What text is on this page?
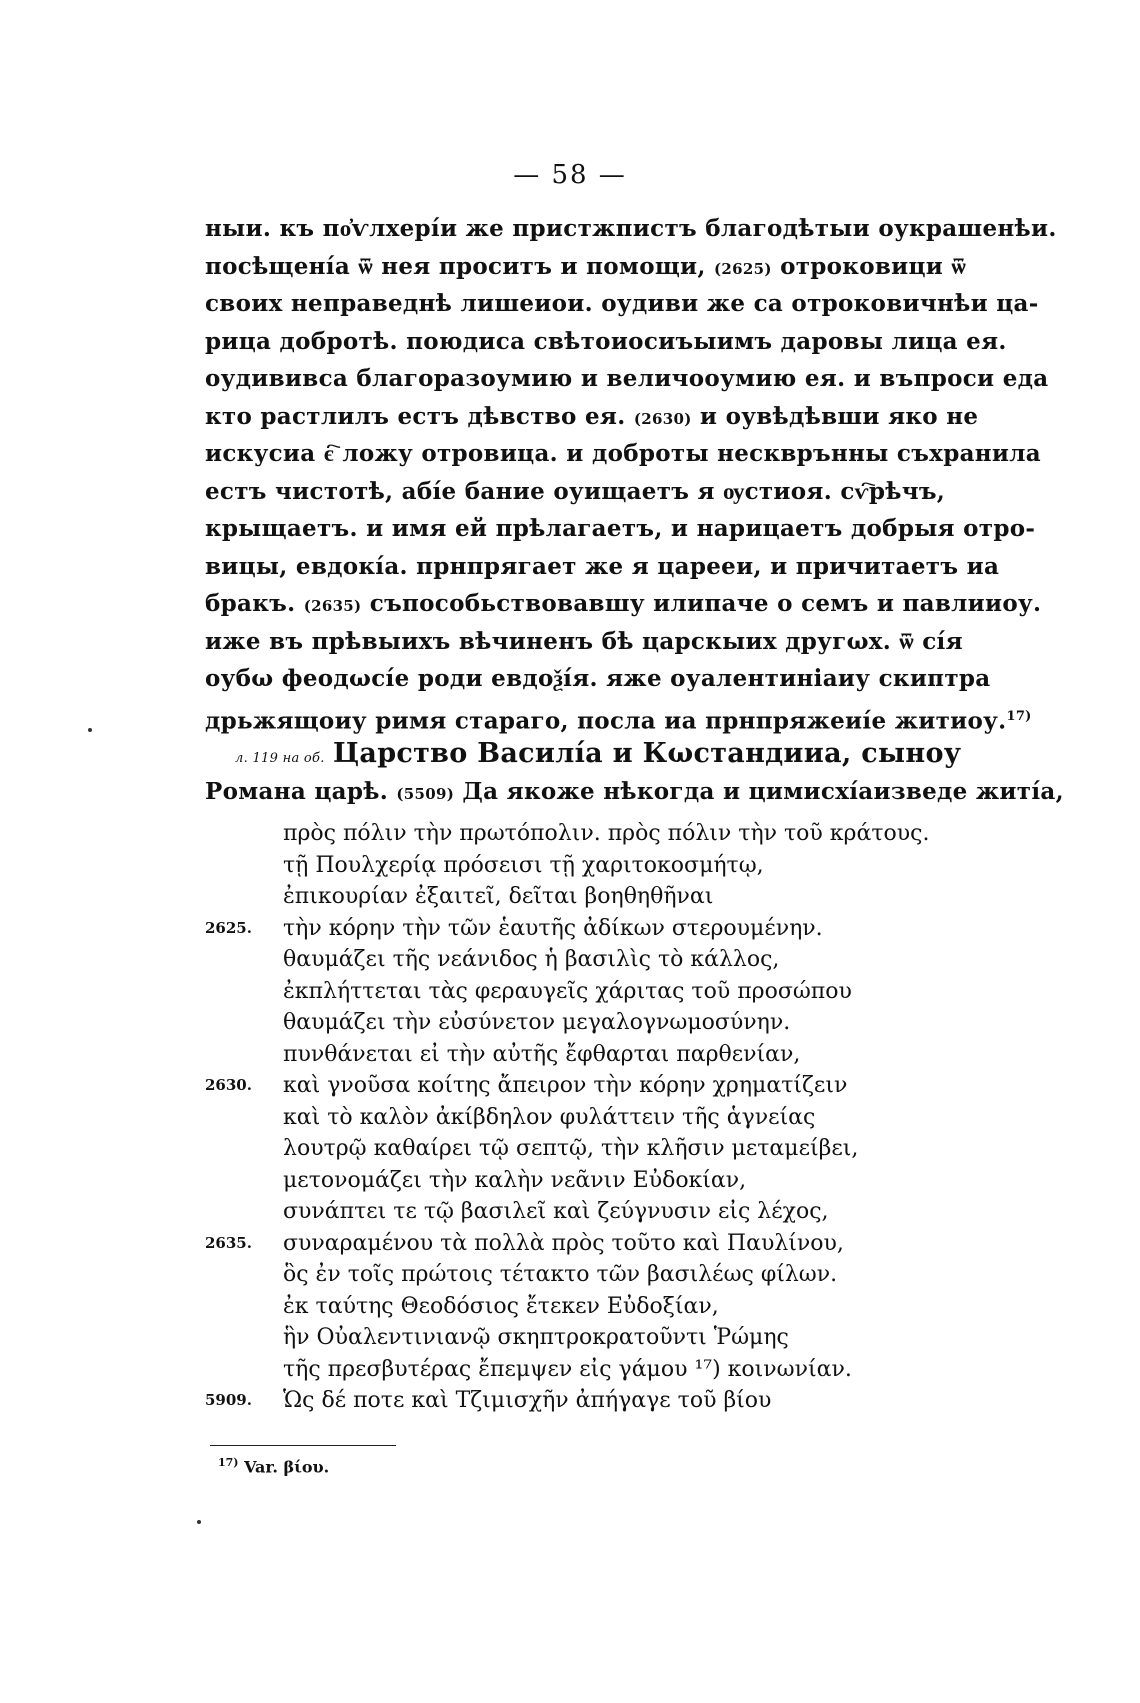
— 58 —
ныи. къ по҆ѵлхерíи же пристжпистъ благодѣтыи оукрашенѣи.
посѣщенíа ѿ нея проситъ и помощи, (2625) отроковици ѿ
своих неправеднѣ лишеиои. оудиви же са отроковичнѣи ца-
рица добротѣ. поюдиса свѣтоиосиъыимъ даровы лица ея.
оудививса благоразоумию и величооумию ея. и въпроси еда
кто растлилъ естъ дѣвство ея. (2630) и оувѣдѣвши яко не
искусиа є҇ ложу отровица. и доброты нескврънны съхранила
естъ чистотѣ, абíе бание оуищаетъ я ѹстиоя. сѵ҇рѣчъ,
крыщаетъ. и имя ей прѣлагаетъ, и нарицаетъ добрыя отро-
вицы, евдокíа. прнпрягает же я царееи, и причитаетъ иа
бракъ. (2635) съпособьствовавшу илипаче о семъ и павлииоу.
иже въ прѣвыихъ вѣчиненъ бѣ царскыих другωх. ѿ сíя
оубω феодωсíе роди евдоѯíя. яже оуалентиніаиу скиптра
дрьжящоиу римя стараго, посла иа прнпряжeиíе житиоу.$^{17)}$
л. 119 на об. Царство Василíа и Кωстандииа, сыноу
Романа царѣ. (5509) Да якоже нѣкогда и цимисхíаизведе житíа,
πρὸς πόλιν τὴν πρωτόπολιν. πρὸς πόλιν τὴν τοῦ κράτους.
τῇ Πουλχερίᾳ πρόσεισι τῇ χαριτοκοσμήτῳ,
ἐπικουρίαν ἐξαιτεῖ, δεῖται βοηθηθῆναι
2625.	τὴν κόρην τὴν τῶν ἑαυτῆς ἀδίκων στερουμένην.
θαυμάζει τῆς νεάνιδος ἡ βασιλὶς τὸ κάλλος,
ἐκπλήττεται τὰς φεραυγεῖς χάριτας τοῦ προσώπου
θαυμάζει τὴν εὐσύνετον μεγαλογνωμοσύνην.
πυνθάνεται εἰ τὴν αὐτῆς ἔφθαρται παρθενίαν,
2630.	καὶ γνοῦσα κοίτης ἄπειρον τὴν κόρην χρηματίζειν
καὶ τὸ καλὸν ἀκίβδηλον φυλάττειν τῆς ἁγνείας
λουτρῷ καθαίρει τῷ σεπτῷ, τὴν κλῆσιν μεταμείβει,
μετονομάζει τὴν καλὴν νεᾶνιν Εὐδοκίαν,
συνάπτει τε τῷ βασιλεῖ καὶ ζεύγνυσιν εἰς λέχος,
2635.	συναραμένου τὰ πολλὰ πρὸς τοῦτο καὶ Παυλίνου,
ὃς ἐν τοῖς πρώτοις τέτακτο τῶν βασιλέως φίλων.
ἐκ ταύτης Θεοδόσιος ἔτεκεν Εὐδοξίαν,
ἣν Οὐαλεντινιανῷ σκηπτροκρατοῦντι Ῥώμης
τῆς πρεσβυτέρας ἔπεμψεν εἰς γάμου ¹⁷) κοινωνίαν.
5909.	Ὡς δέ ποτε καὶ Τζιμισχῆν ἀπήγαγε τοῦ βίου
$^{17)}$ Var. βίου.
